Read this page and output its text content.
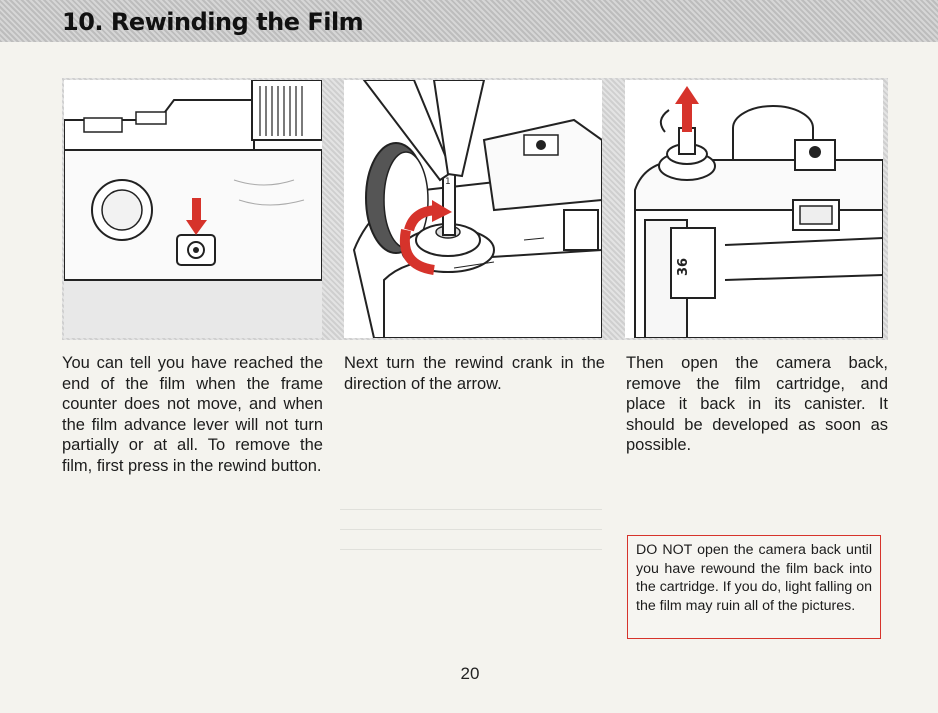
10. Rewinding the Film
1
36

You can tell you have reached the end of the film when the frame counter does not move, and when the film advance lever will not turn partially or at all. To remove the film, first press in the rewind button.

Next turn the rewind crank in the direction of the arrow.

Then open the camera back, remove the film cartridge, and place it back in its canister. It should be developed as soon as possible.

DO NOT open the camera back until you have rewound the film back into the cartridge. If you do, light falling on the film may ruin all of the pictures.

20
